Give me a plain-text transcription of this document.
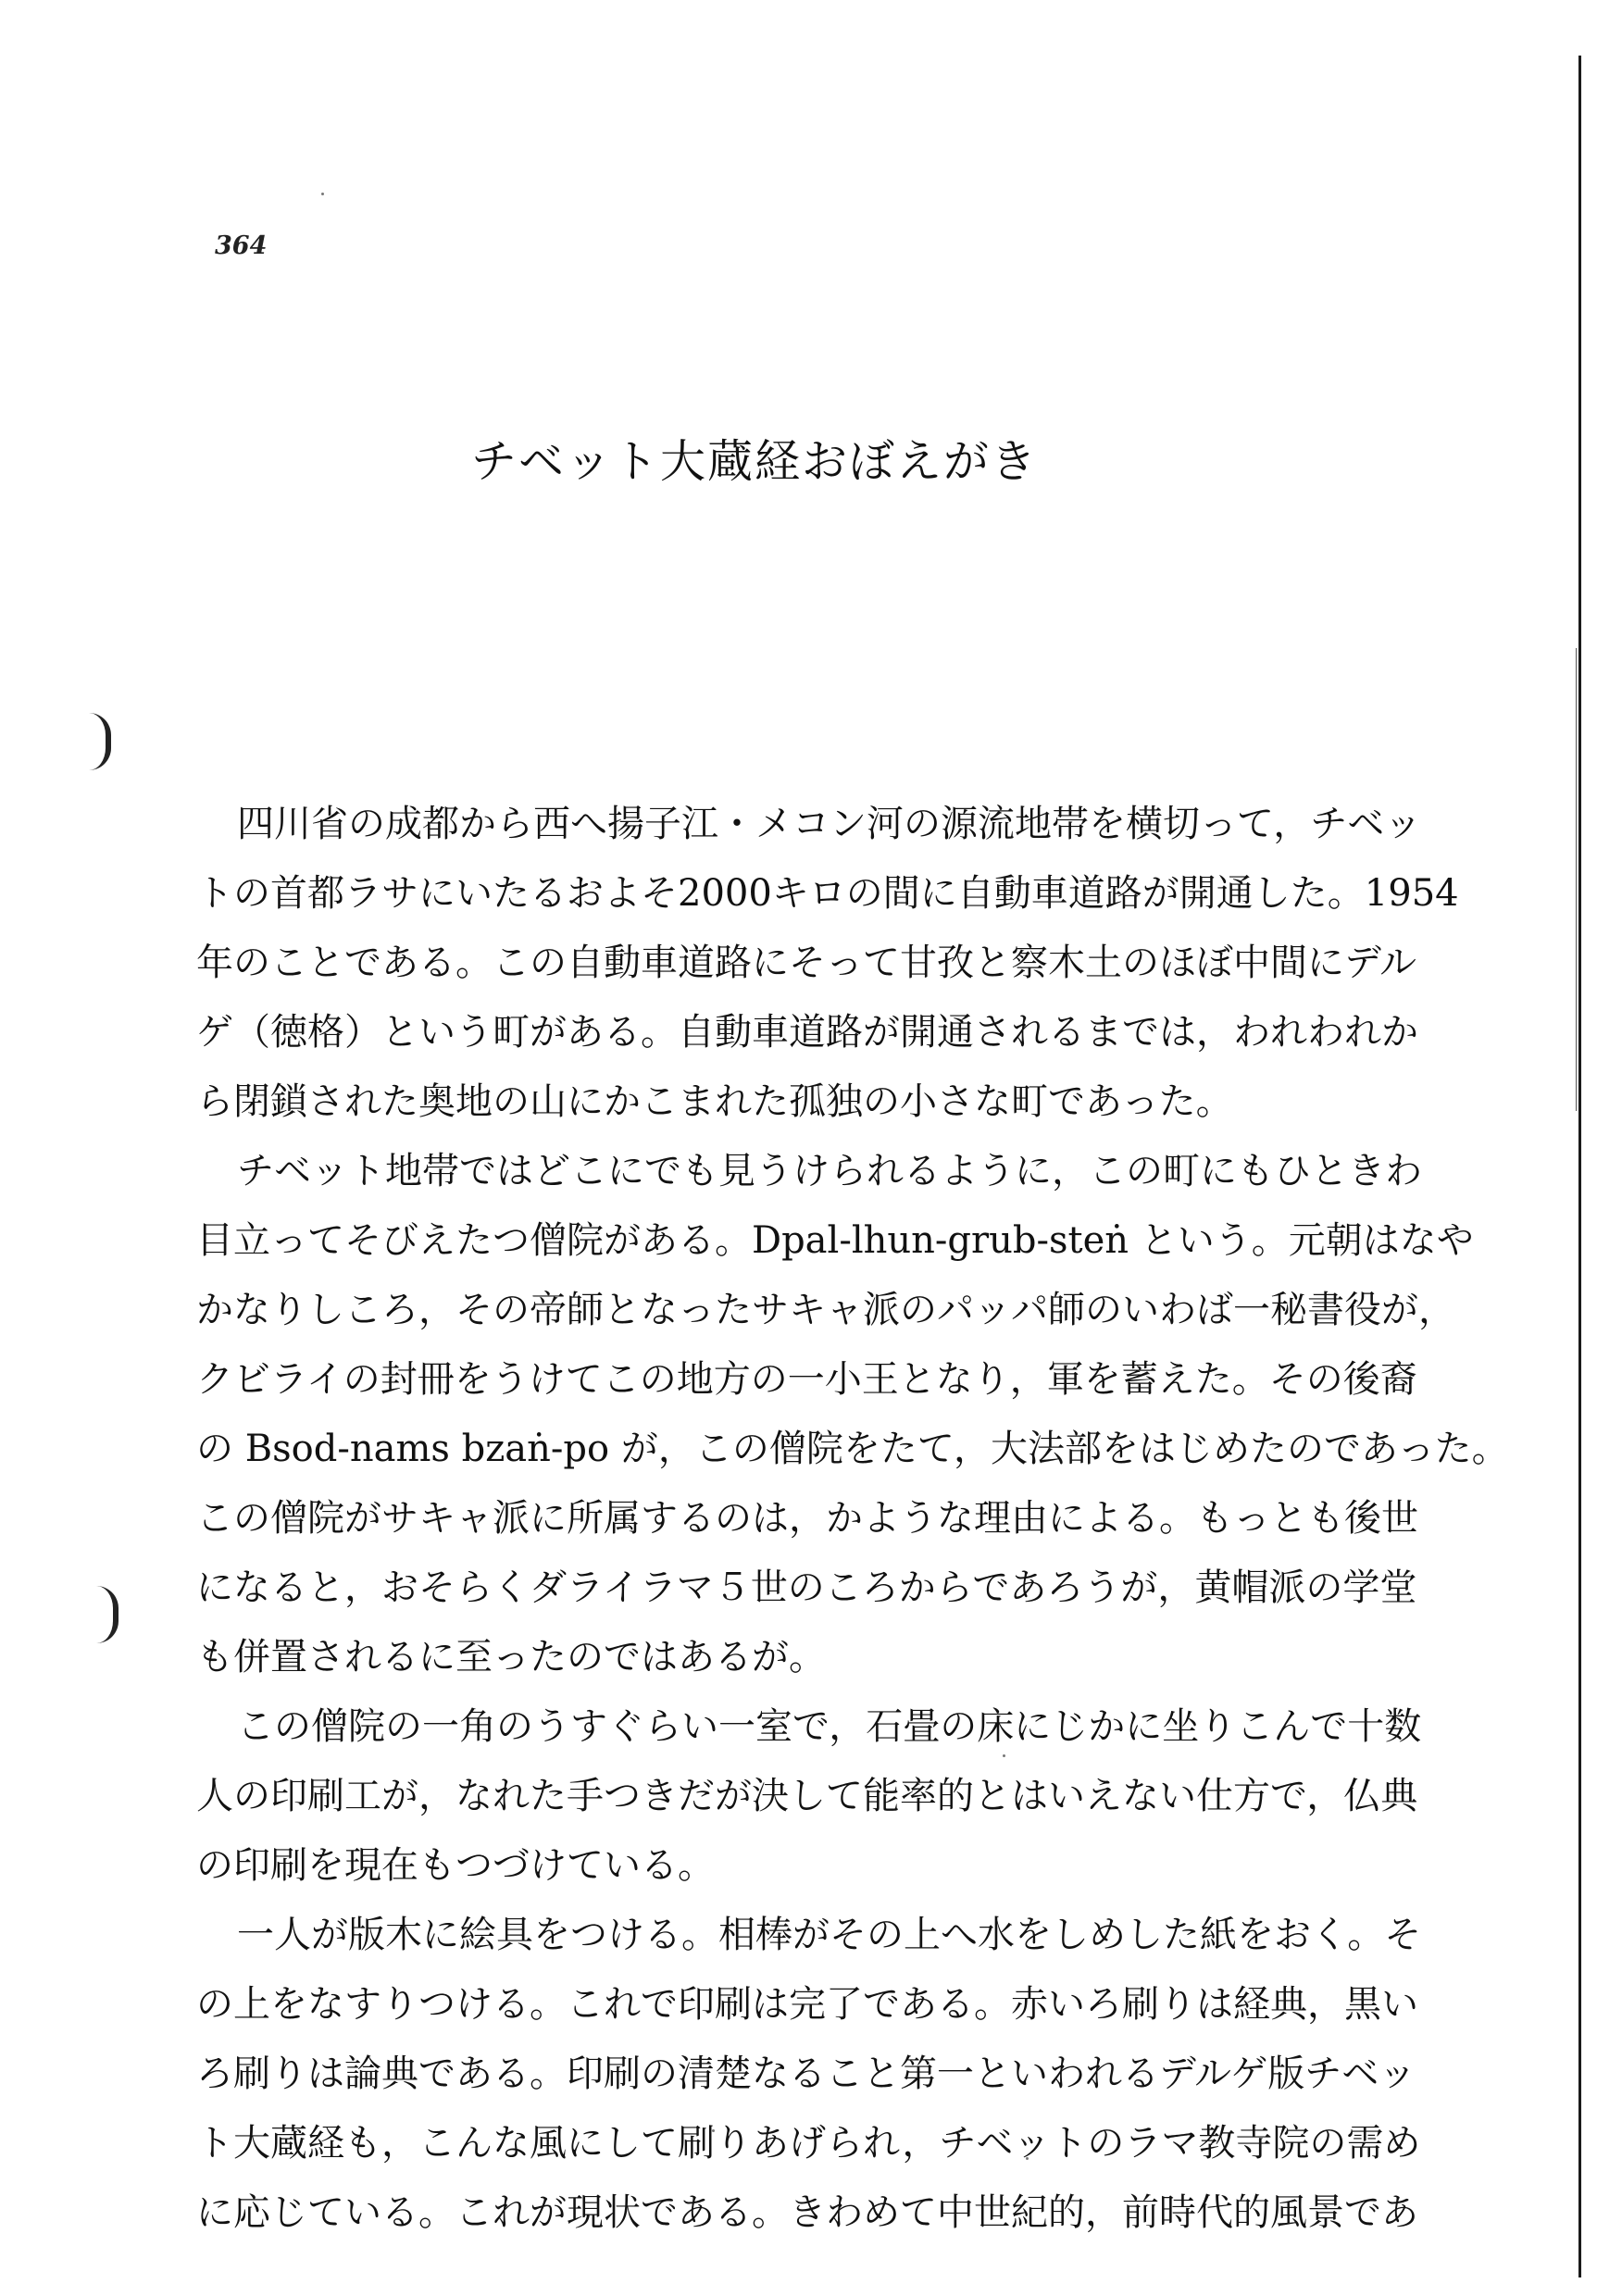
364
チベット大蔵経おぼえがき
四川省の成都から西へ揚子江・メコン河の源流地帯を横切って，チベッ
トの首都ラサにいたるおよそ2000キロの間に自動車道路が開通した。1954
年のことである。この自動車道路にそって甘孜と察木土のほぼ中間にデル
ゲ（徳格）という町がある。自動車道路が開通されるまでは，われわれか
ら閉鎖された奥地の山にかこまれた孤独の小さな町であった。
チベット地帯ではどこにでも見うけられるように，この町にもひときわ
目立ってそびえたつ僧院がある。Dpal-lhun-grub-steṅ という。元朝はなや
かなりしころ，その帝師となったサキャ派のパッパ師のいわば一秘書役が，
クビライの封冊をうけてこの地方の一小王となり，軍を蓄えた。その後裔
の Bsod-nams bzaṅ-po が，この僧院をたて，大法部をはじめたのであった。
この僧院がサキャ派に所属するのは，かような理由による。もっとも後世
になると，おそらくダライラマ５世のころからであろうが，黄帽派の学堂
も併置されるに至ったのではあるが。
この僧院の一角のうすぐらい一室で，石畳の床にじかに坐りこんで十数
人の印刷工が，なれた手つきだが決して能率的とはいえない仕方で，仏典
の印刷を現在もつづけている。
一人が版木に絵具をつける。相棒がその上へ水をしめした紙をおく。そ
の上をなすりつける。これで印刷は完了である。赤いろ刷りは経典，黒い
ろ刷りは論典である。印刷の清楚なること第一といわれるデルゲ版チベッ
ト大蔵経も，こんな風にして刷りあげられ，チベットのラマ教寺院の需め
に応じている。これが現状である。きわめて中世紀的，前時代的風景であ
